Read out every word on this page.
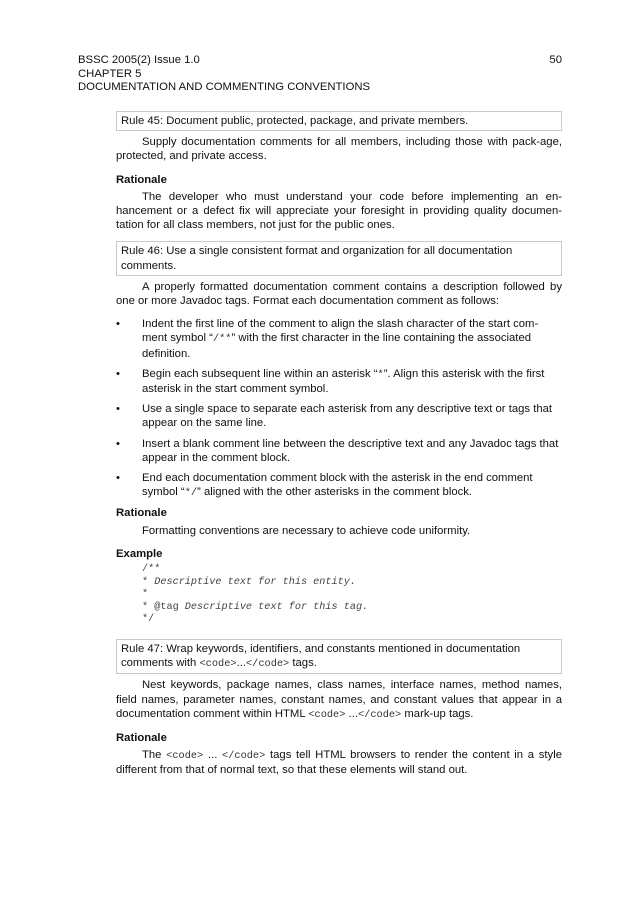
BSSC 2005(2) Issue 1.0	50
CHAPTER 5
DOCUMENTATION AND COMMENTING CONVENTIONS
Rule 45: Document public, protected, package, and private members.

Supply documentation comments for all members, including those with pack-age, protected, and private access.

Rationale

The developer who must understand your code before implementing an en-hancement or a defect fix will appreciate your foresight in providing quality documen-tation for all class members, not just for the public ones.

Rule 46: Use a single consistent format and organization for all documentation comments.

A properly formatted documentation comment contains a description followed by one or more Javadoc tags. Format each documentation comment as follows:

• Indent the first line of the comment to align the slash character of the start com-ment symbol “/**” with the first character in the line containing the associated definition.
• Begin each subsequent line within an asterisk “*”. Align this asterisk with the first asterisk in the start comment symbol.
• Use a single space to separate each asterisk from any descriptive text or tags that appear on the same line.
• Insert a blank comment line between the descriptive text and any Javadoc tags that appear in the comment block.
• End each documentation comment block with the asterisk in the end comment symbol “*/” aligned with the other asterisks in the comment block.
Rationale

Formatting conventions are necessary to achieve code uniformity.

Example
/**
* Descriptive text for this entity.
*
* @tag Descriptive text for this tag.
*/
Rule 47: Wrap keywords, identifiers, and constants mentioned in documentation comments with <code>...</code> tags.

Nest keywords, package names, class names, interface names, method names, field names, parameter names, constant names, and constant values that appear in a documentation comment within HTML <code> ...</code> mark-up tags.

Rationale

The <code> ... </code> tags tell HTML browsers to render the content in a style different from that of normal text, so that these elements will stand out.
